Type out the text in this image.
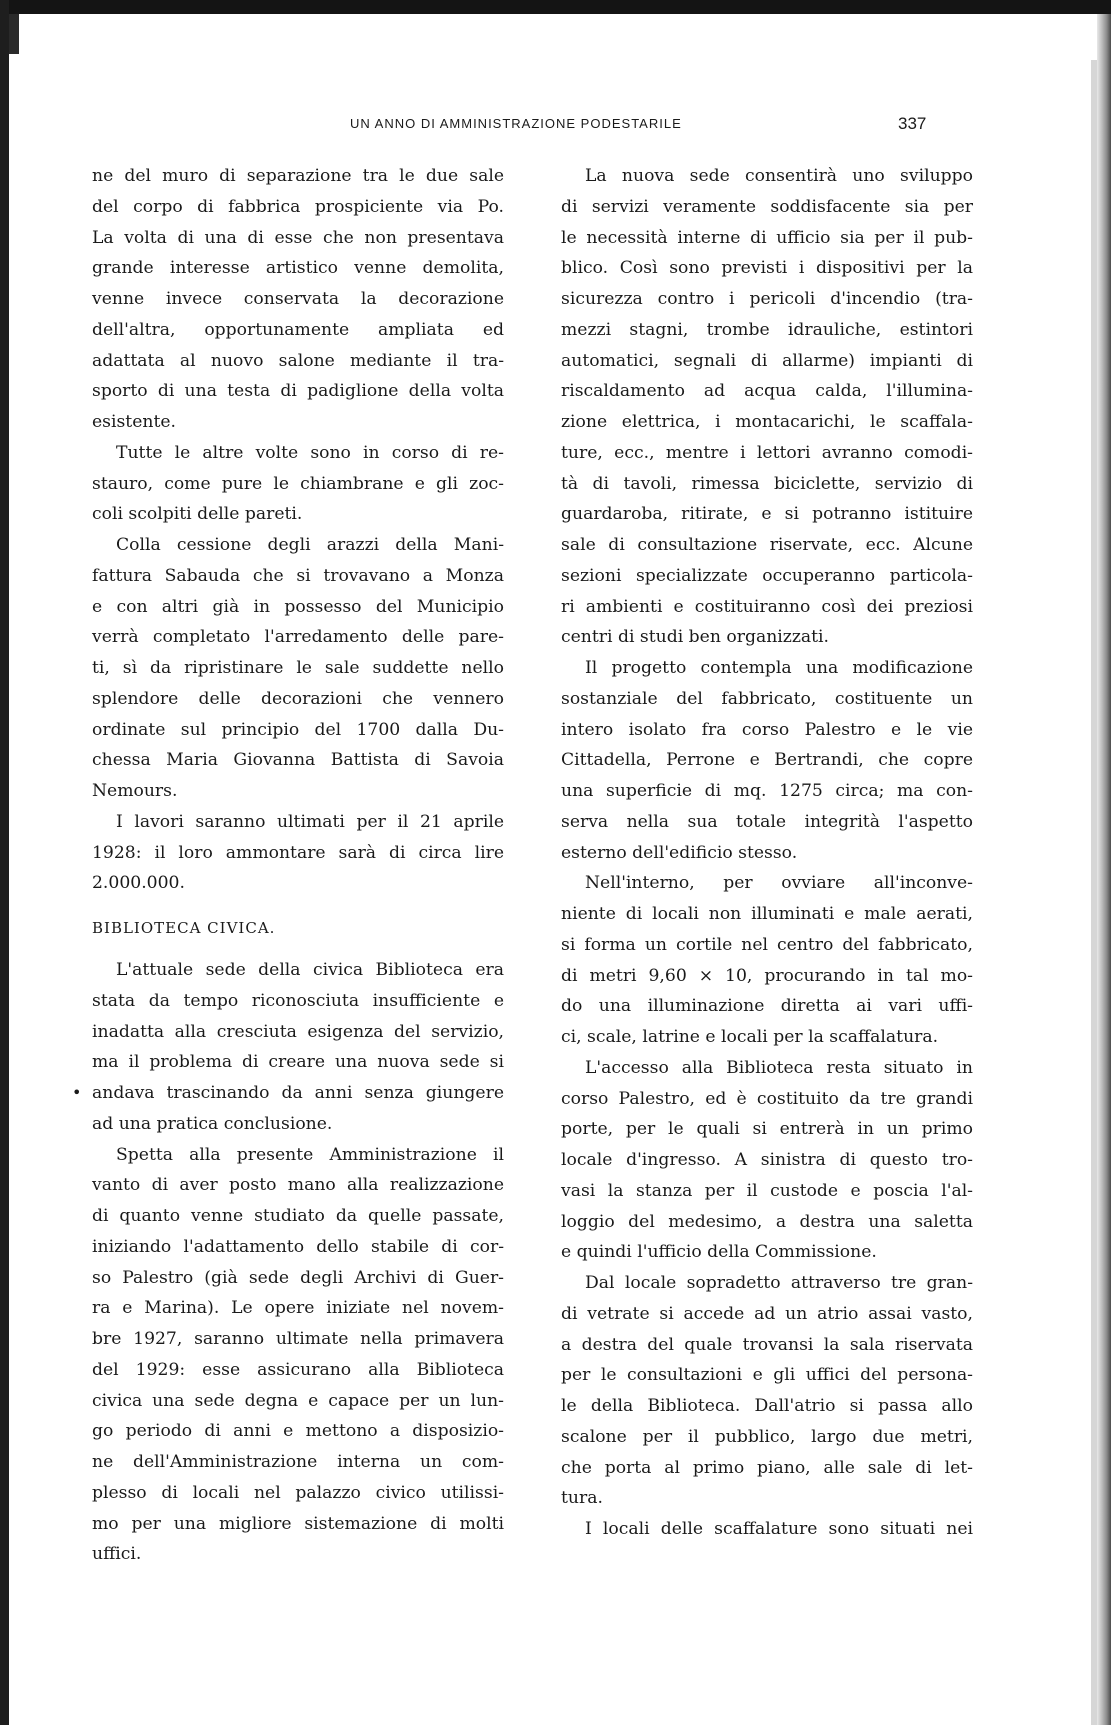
UN ANNO DI AMMINISTRAZIONE PODESTARILE	337
ne del muro di separazione tra le due sale
del corpo di fabbrica prospiciente via Po.
La volta di una di esse che non presentava
grande interesse artistico venne demolita,
venne invece conservata la decorazione
dell'altra, opportunamente ampliata ed
adattata al nuovo salone mediante il tra-
sporto di una testa di padiglione della volta
esistente.
Tutte le altre volte sono in corso di re-
stauro, come pure le chiambrane e gli zoc-
coli scolpiti delle pareti.
Colla cessione degli arazzi della Mani-
fattura Sabauda che si trovavano a Monza
e con altri già in possesso del Municipio
verrà completato l'arredamento delle pare-
ti, sì da ripristinare le sale suddette nello
splendore delle decorazioni che vennero
ordinate sul principio del 1700 dalla Du-
chessa Maria Giovanna Battista di Savoia
Nemours.
I lavori saranno ultimati per il 21 aprile
1928: il loro ammontare sarà di circa lire
2.000.000.
BIBLIOTECA CIVICA.
L'attuale sede della civica Biblioteca era
stata da tempo riconosciuta insufficiente e
inadatta alla cresciuta esigenza del servizio,
ma il problema di creare una nuova sede si
• andava trascinando da anni senza giungere
ad una pratica conclusione.
Spetta alla presente Amministrazione il
vanto di aver posto mano alla realizzazione
di quanto venne studiato da quelle passate,
iniziando l'adattamento dello stabile di cor-
so Palestro (già sede degli Archivi di Guer-
ra e Marina). Le opere iniziate nel novem-
bre 1927, saranno ultimate nella primavera
del 1929: esse assicurano alla Biblioteca
civica una sede degna e capace per un lun-
go periodo di anni e mettono a disposizio-
ne dell'Amministrazione interna un com-
plesso di locali nel palazzo civico utilissi-
mo per una migliore sistemazione di molti
uffici.
La nuova sede consentirà uno sviluppo
di servizi veramente soddisfacente sia per
le necessità interne di ufficio sia per il pub-
blico. Così sono previsti i dispositivi per la
sicurezza contro i pericoli d'incendio (tra-
mezzi stagni, trombe idrauliche, estintori
automatici, segnali di allarme) impianti di
riscaldamento ad acqua calda, l'illumina-
zione elettrica, i montacarichi, le scaffala-
ture, ecc., mentre i lettori avranno comodi-
tà di tavoli, rimessa biciclette, servizio di
guardaroba, ritirate, e si potranno istituire
sale di consultazione riservate, ecc. Alcune
sezioni specializzate occuperanno particola-
ri ambienti e costituiranno così dei preziosi
centri di studi ben organizzati.
Il progetto contempla una modificazione
sostanziale del fabbricato, costituente un
intero isolato fra corso Palestro e le vie
Cittadella, Perrone e Bertrandi, che copre
una superficie di mq. 1275 circa; ma con-
serva nella sua totale integrità l'aspetto
esterno dell'edificio stesso.
Nell'interno, per ovviare all'inconve-
niente di locali non illuminati e male aerati,
si forma un cortile nel centro del fabbricato,
di metri 9,60 × 10, procurando in tal mo-
do una illuminazione diretta ai vari uffi-
ci, scale, latrine e locali per la scaffalatura.
L'accesso alla Biblioteca resta situato in
corso Palestro, ed è costituito da tre grandi
porte, per le quali si entrerà in un primo
locale d'ingresso. A sinistra di questo tro-
vasi la stanza per il custode e poscia l'al-
loggio del medesimo, a destra una saletta
e quindi l'ufficio della Commissione.
Dal locale sopradetto attraverso tre gran-
di vetrate si accede ad un atrio assai vasto,
a destra del quale trovansi la sala riservata
per le consultazioni e gli uffici del persona-
le della Biblioteca. Dall'atrio si passa allo
scalone per il pubblico, largo due metri,
che porta al primo piano, alle sale di let-
tura.
I locali delle scaffalature sono situati nei
